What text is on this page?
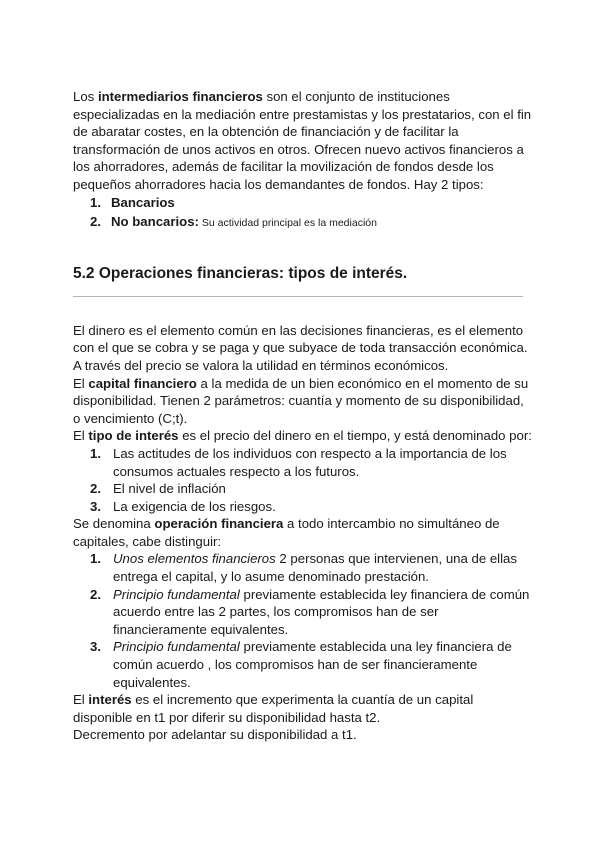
Los intermediarios financieros son el conjunto de instituciones especializadas en la mediación entre prestamistas y los prestatarios, con el fin de abaratar costes, en la obtención de financiación y de facilitar la transformación de unos activos en otros. Ofrecen nuevo activos financieros a los ahorradores, además de facilitar la movilización de fondos desde los pequeños ahorradores hacia los demandantes de fondos. Hay 2 tipos:

1. Bancarios
2. No bancarios: Su actividad principal es la mediación
5.2 Operaciones financieras: tipos de interés.

El dinero es el elemento común en las decisiones financieras, es el elemento con el que se cobra y se paga y que subyace de toda transacción económica. A través del precio se valora la utilidad en términos económicos.

El capital financiero a la medida de un bien económico en el momento de su disponibilidad. Tienen 2 parámetros: cuantía y momento de su disponibilidad, o vencimiento (C;t).

El tipo de interés es el precio del dinero en el tiempo, y está denominado por:

1. Las actitudes de los individuos con respecto a la importancia de los consumos actuales respecto a los futuros.
2. El nivel de inflación
3. La exigencia de los riesgos.

Se denomina operación financiera a todo intercambio no simultáneo de capitales, cabe distinguir:

1. Unos elementos financieros 2 personas que intervienen, una de ellas entrega el capital, y lo asume denominado prestación.
2. Principio fundamental previamente establecida ley financiera de común acuerdo entre las 2 partes, los compromisos han de ser financieramente equivalentes.
3. Principio fundamental previamente establecida una ley financiera de común acuerdo , los compromisos han de ser financieramente equivalentes.

El interés es el incremento que experimenta la cuantía de un capital disponible en t1 por diferir su disponibilidad hasta t2.

Decremento por adelantar su disponibilidad a t1.
